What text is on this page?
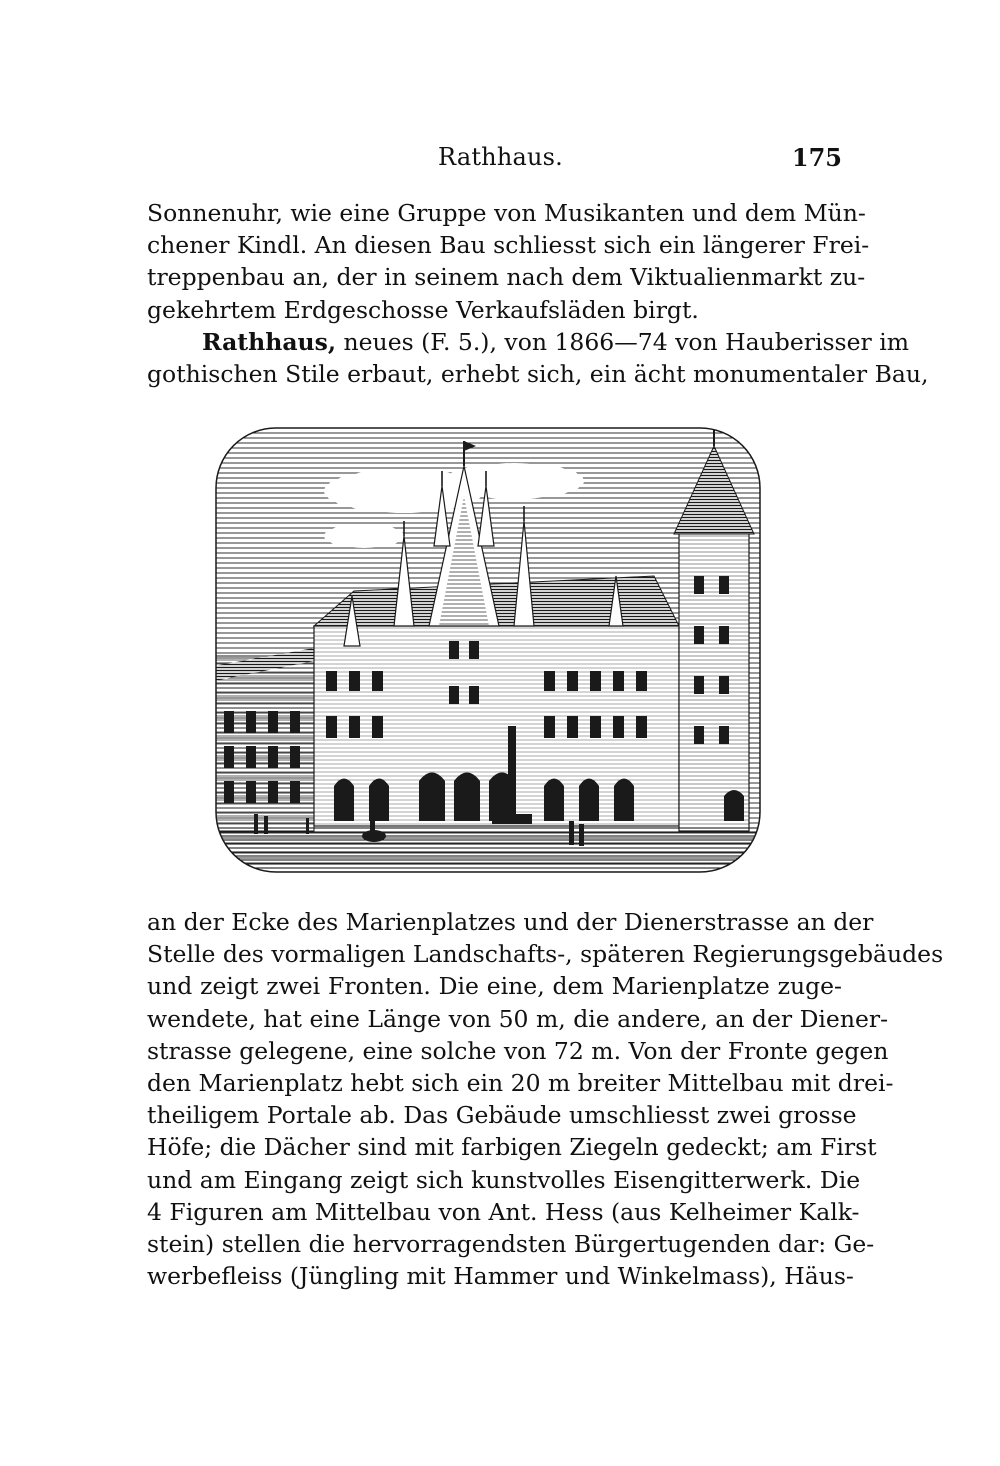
Rathhaus.	175
Sonnenuhr, wie eine Gruppe von Musikanten und dem Mün-
chener Kindl. An diesen Bau schliesst sich ein längerer Frei-
treppenbau an, der in seinem nach dem Viktualienmarkt zu-
gekehrtem Erdgeschosse Verkaufsläden birgt.
Rathhaus, neues (F. 5.), von 1866—74 von Hauberisser im
gothischen Stile erbaut, erhebt sich, ein ächt monumentaler Bau,
an der Ecke des Marienplatzes und der Dienerstrasse an der
Stelle des vormaligen Landschafts-, späteren Regierungsgebäudes
und zeigt zwei Fronten. Die eine, dem Marienplatze zuge-
wendete, hat eine Länge von 50 m, die andere, an der Diener-
strasse gelegene, eine solche von 72 m. Von der Fronte gegen
den Marienplatz hebt sich ein 20 m breiter Mittelbau mit drei-
theiligem Portale ab. Das Gebäude umschliesst zwei grosse
Höfe; die Dächer sind mit farbigen Ziegeln gedeckt; am First
und am Eingang zeigt sich kunstvolles Eisengitterwerk. Die
4 Figuren am Mittelbau von Ant. Hess (aus Kelheimer Kalk-
stein) stellen die hervorragendsten Bürgertugenden dar: Ge-
werbefleiss (Jüngling mit Hammer und Winkelmass), Häus-
